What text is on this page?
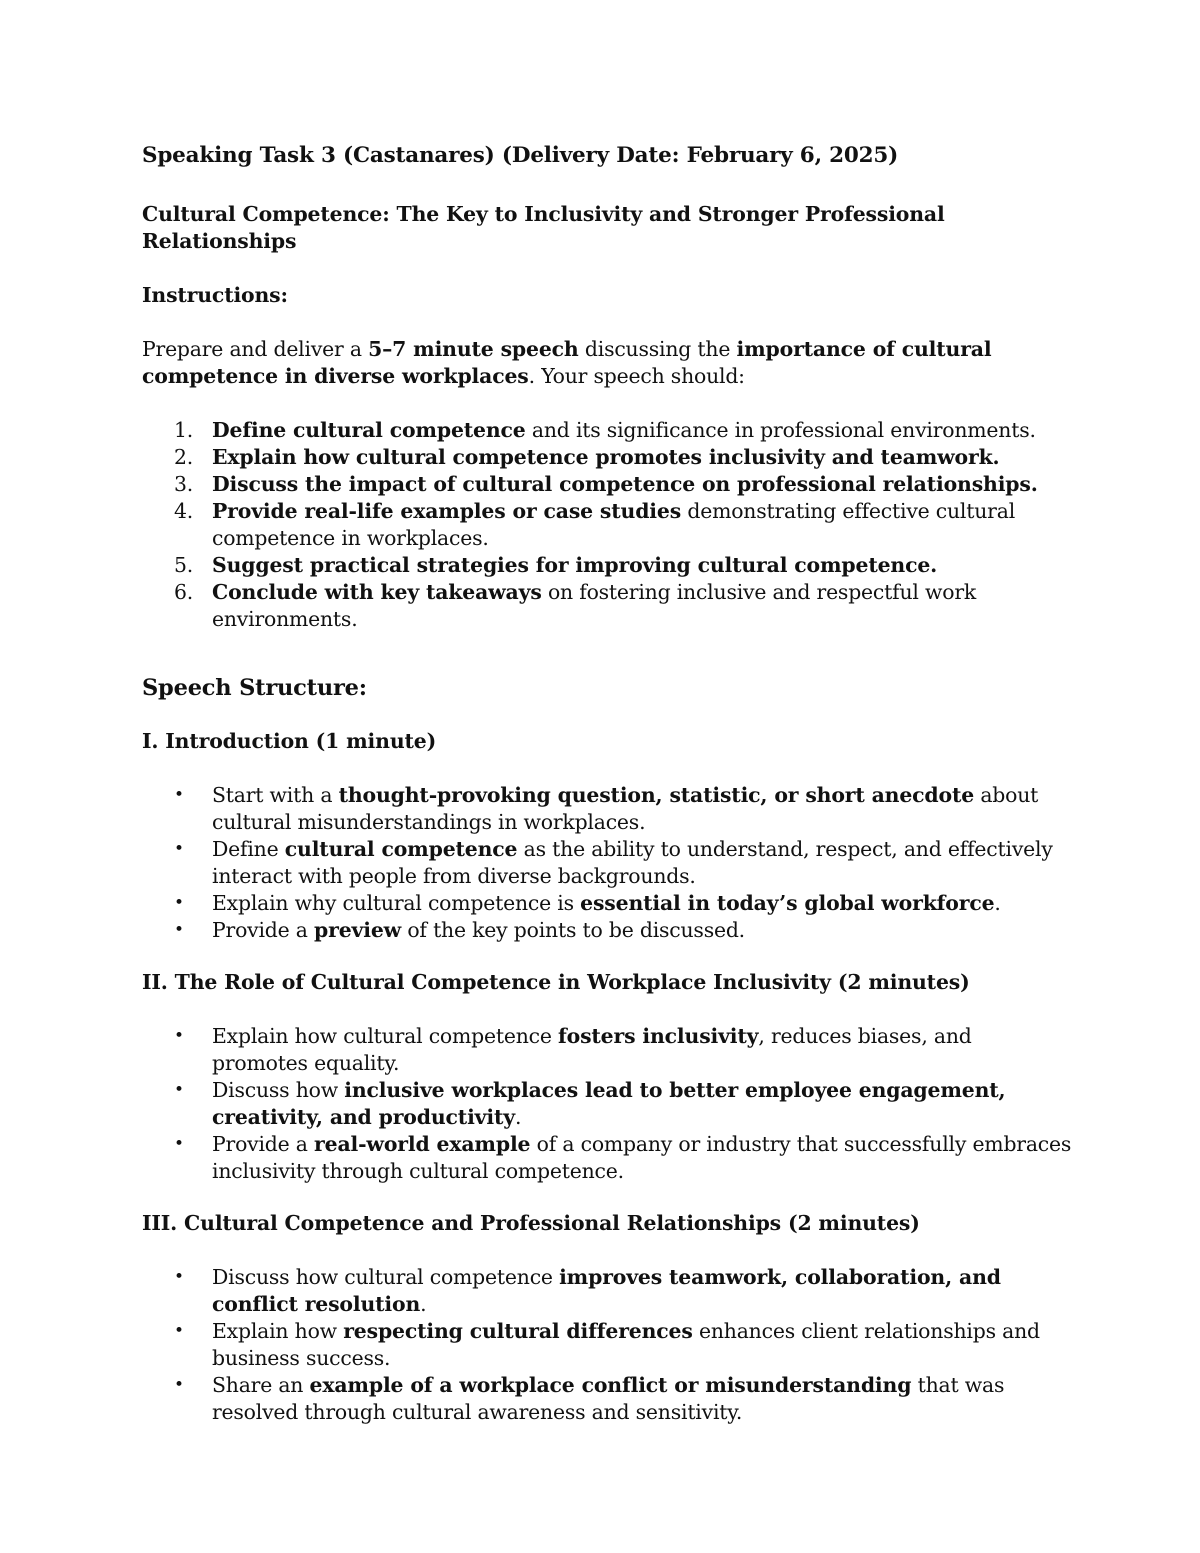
Speaking Task 3 (Castanares) (Delivery Date: February 6, 2025)

Cultural Competence: The Key to Inclusivity and Stronger Professional Relationships

Instructions:

Prepare and deliver a 5–7 minute speech discussing the importance of cultural competence in diverse workplaces. Your speech should:

1. Define cultural competence and its significance in professional environments.
2. Explain how cultural competence promotes inclusivity and teamwork.
3. Discuss the impact of cultural competence on professional relationships.
4. Provide real-life examples or case studies demonstrating effective cultural competence in workplaces.
5. Suggest practical strategies for improving cultural competence.
6. Conclude with key takeaways on fostering inclusive and respectful work environments.

Speech Structure:

I. Introduction (1 minute)

• Start with a thought-provoking question, statistic, or short anecdote about cultural misunderstandings in workplaces.
• Define cultural competence as the ability to understand, respect, and effectively interact with people from diverse backgrounds.
• Explain why cultural competence is essential in today’s global workforce.
• Provide a preview of the key points to be discussed.

II. The Role of Cultural Competence in Workplace Inclusivity (2 minutes)

• Explain how cultural competence fosters inclusivity, reduces biases, and promotes equality.
• Discuss how inclusive workplaces lead to better employee engagement, creativity, and productivity.
• Provide a real-world example of a company or industry that successfully embraces inclusivity through cultural competence.

III. Cultural Competence and Professional Relationships (2 minutes)

• Discuss how cultural competence improves teamwork, collaboration, and conflict resolution.
• Explain how respecting cultural differences enhances client relationships and business success.
• Share an example of a workplace conflict or misunderstanding that was resolved through cultural awareness and sensitivity.
